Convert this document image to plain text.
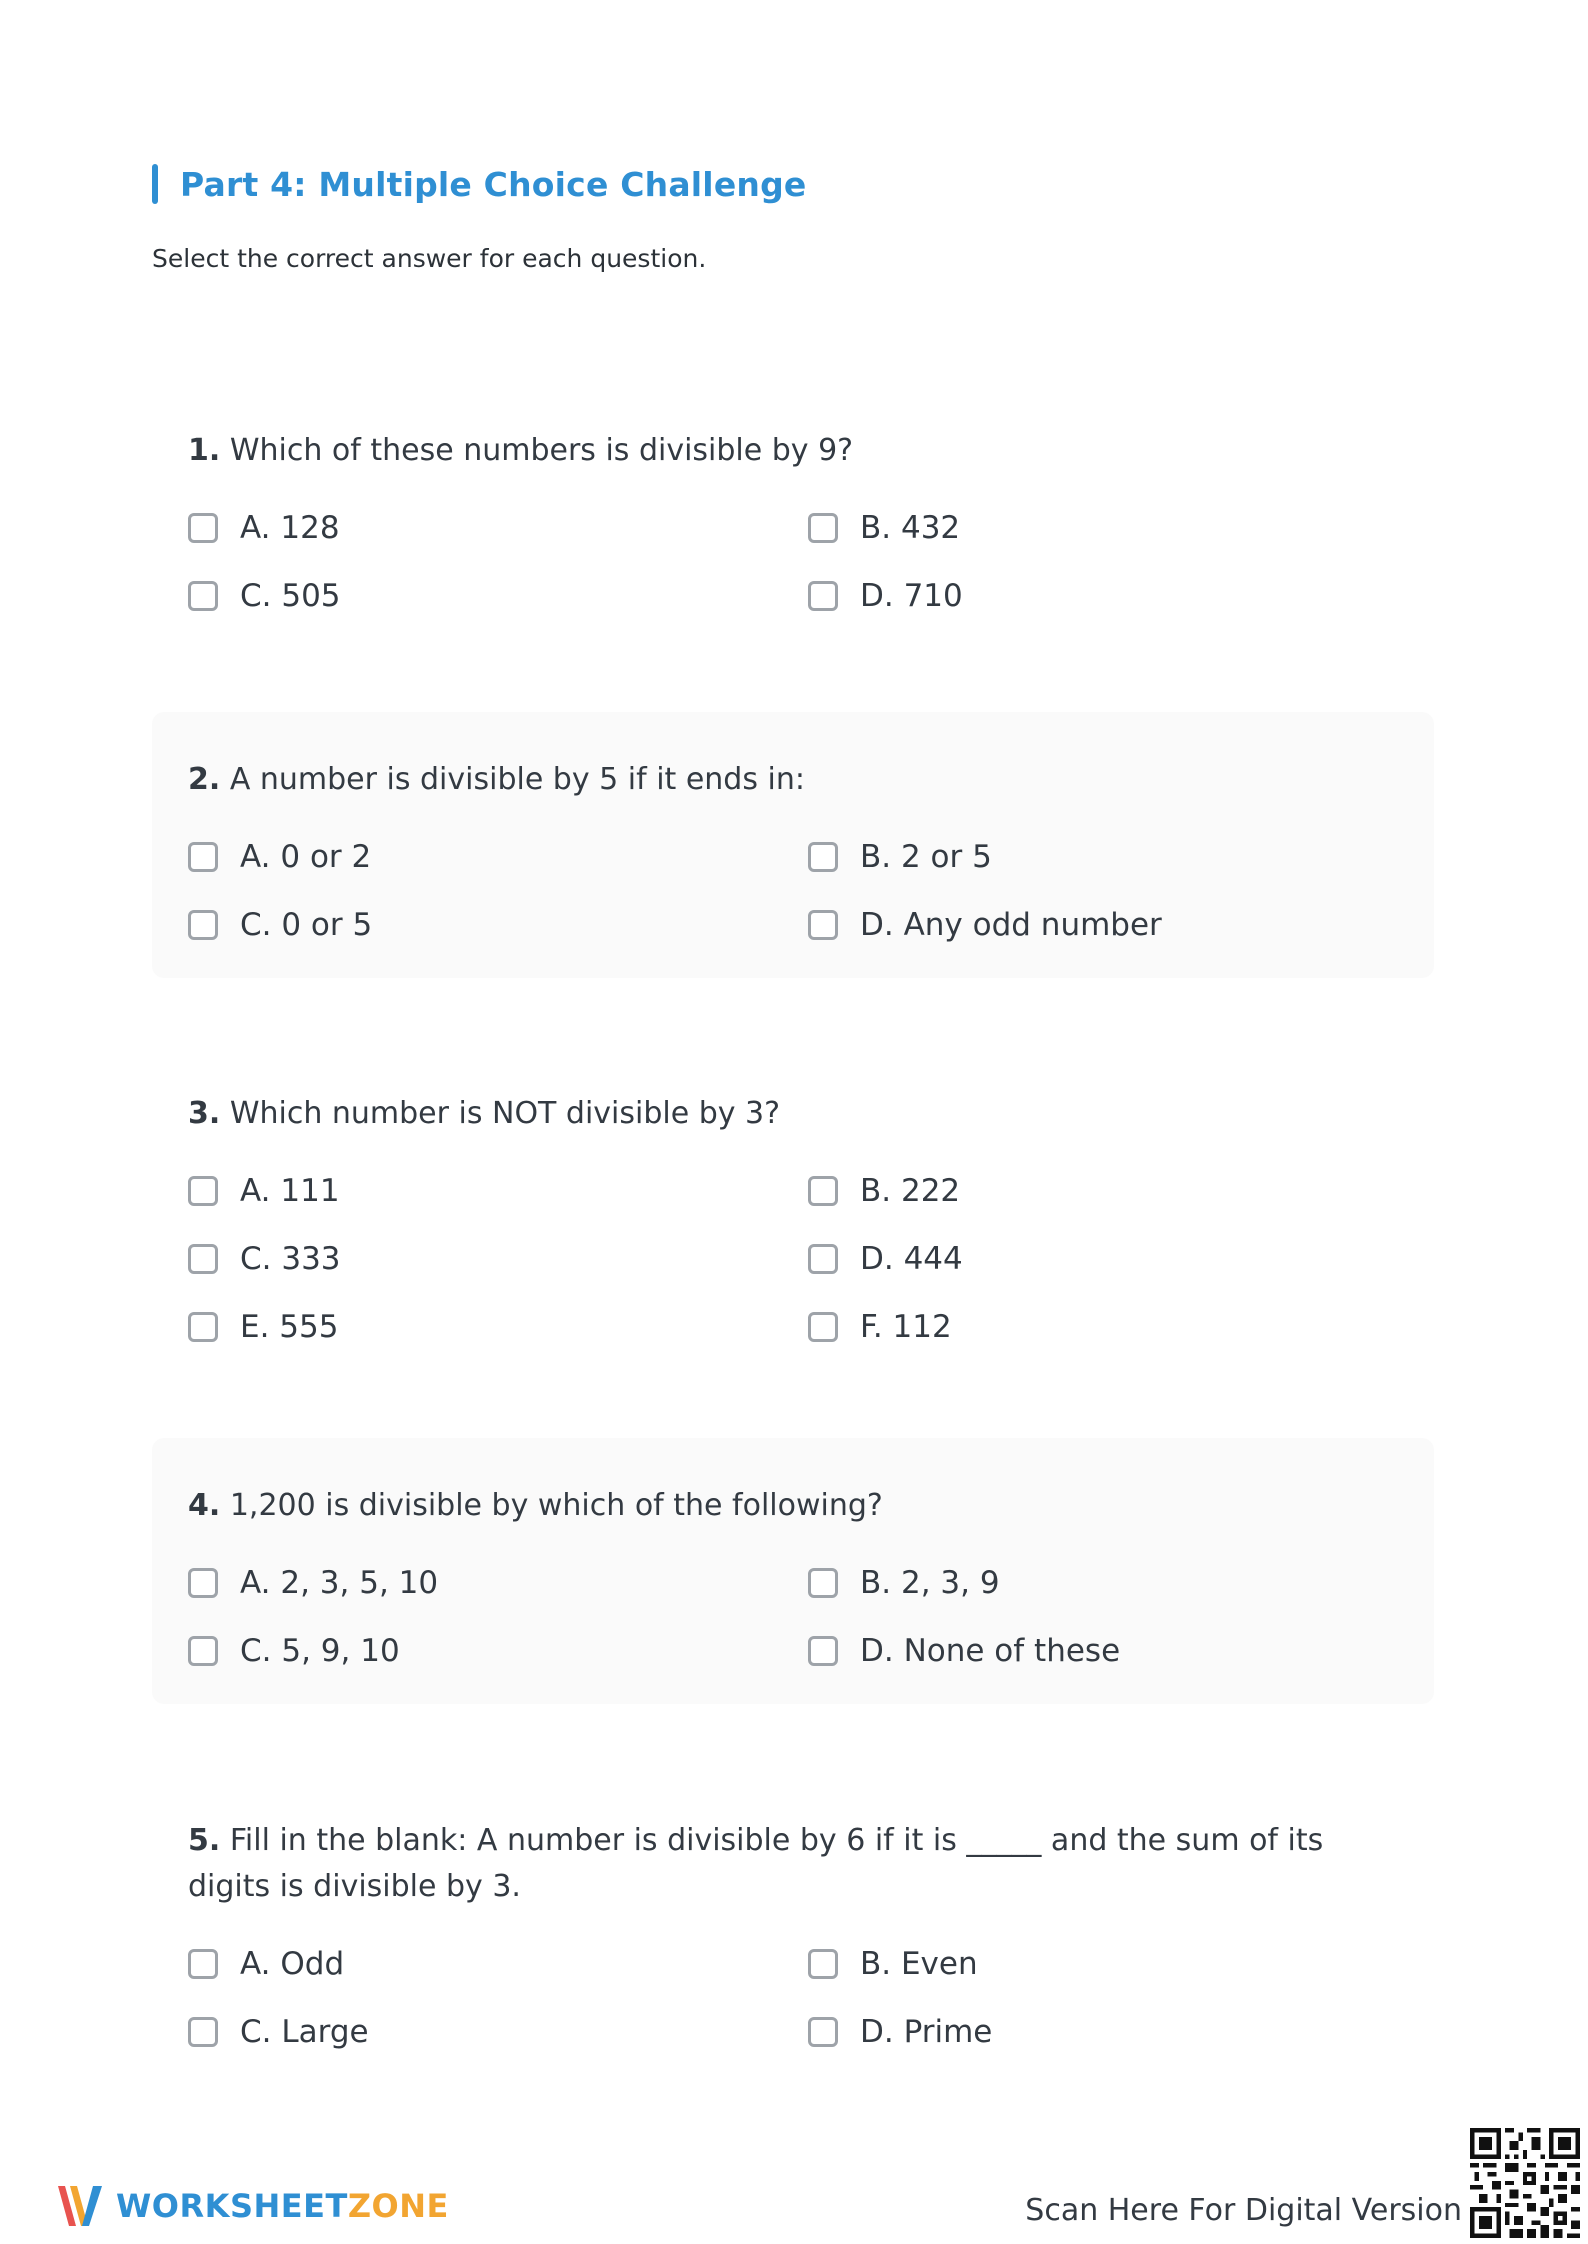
Part 4: Multiple Choice Challenge
Select the correct answer for each question.
1. Which of these numbers is divisible by 9?
A. 128	B. 432
C. 505	D. 710
2. A number is divisible by 5 if it ends in:
A. 0 or 2	B. 2 or 5
C. 0 or 5	D. Any odd number
3. Which number is NOT divisible by 3?
A. 111	B. 222
C. 333	D. 444
E. 555	F. 112
4. 1,200 is divisible by which of the following?
A. 2, 3, 5, 10	B. 2, 3, 9
C. 5, 9, 10	D. None of these
5. Fill in the blank: A number is divisible by 6 if it is _____ and the sum of its digits is divisible by 3.
A. Odd	B. Even
C. Large	D. Prime
WORKSHEETZONE	Scan Here For Digital Version
